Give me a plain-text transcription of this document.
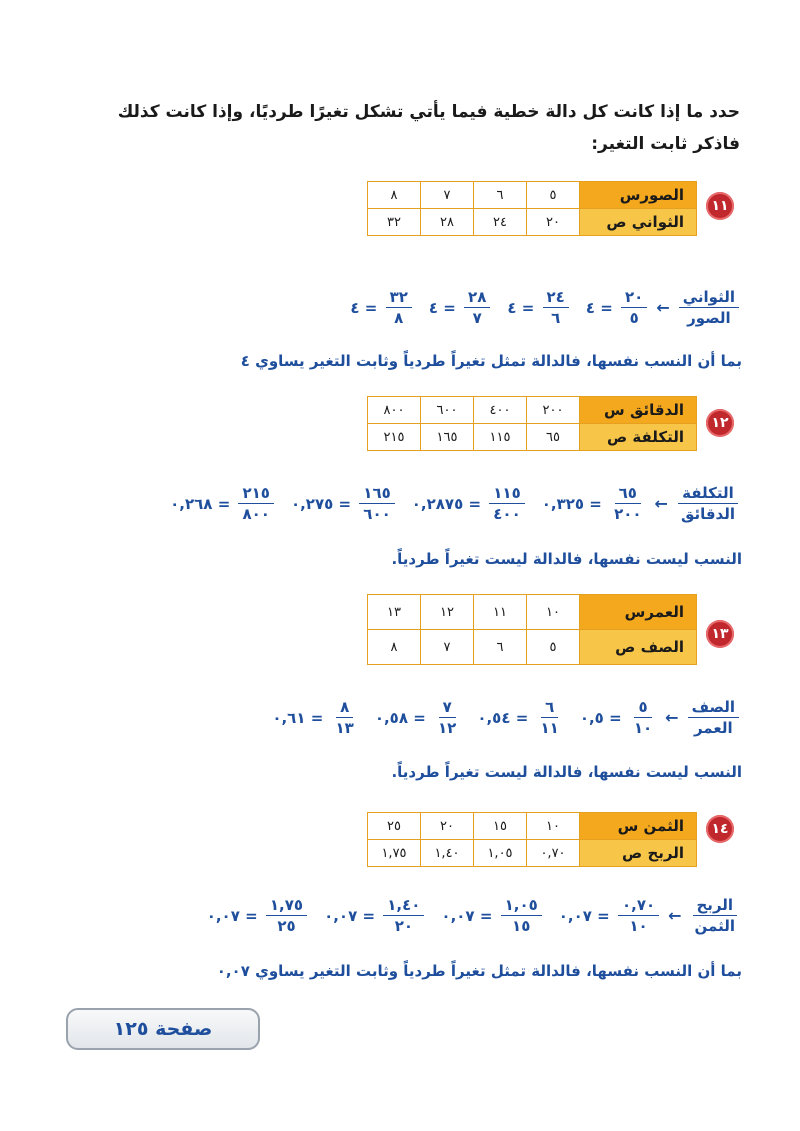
حدد ما إذا كانت كل دالة خطية فيما يأتي تشكل تغيرًا طرديًا، وإذا كانت كذلك فاذكر ثابت التغير:
١١
الصورس	٥	٦	٧	٨
الثواني ص	٢٠	٢٤	٢٨	٣٢
$\frac{\text{الثواني}}{\text{الصور}}$
←
$\frac{٢٠}{٥}$
=
٤
$\frac{٢٤}{٦}$
=
٤
$\frac{٢٨}{٧}$
=
٤
$\frac{٣٢}{٨}$
=
٤
بما أن النسب نفسها، فالدالة تمثل تغيراً طردياً وثابت التغير يساوي ٤
١٢
الدقائق س	٢٠٠	٤٠٠	٦٠٠	٨٠٠
التكلفة ص	٦٥	١١٥	١٦٥	٢١٥
$\frac{\text{التكلفة}}{\text{الدقائق}}$
←
$\frac{٦٥}{٢٠٠}$
=
٠,٣٢٥
$\frac{١١٥}{٤٠٠}$
=
٠,٢٨٧٥
$\frac{١٦٥}{٦٠٠}$
=
٠,٢٧٥
$\frac{٢١٥}{٨٠٠}$
=
٠,٢٦٨
النسب ليست نفسها، فالدالة ليست تغيراً طردياً.
١٣
العمرس	١٠	١١	١٢	١٣
الصف ص	٥	٦	٧	٨
$\frac{\text{الصف}}{\text{العمر}}$
←
$\frac{٥}{١٠}$
=
٠,٥
$\frac{٦}{١١}$
=
٠,٥٤
$\frac{٧}{١٢}$
=
٠,٥٨
$\frac{٨}{١٣}$
=
٠,٦١
النسب ليست نفسها، فالدالة ليست تغيراً طردياً.
١٤
الثمن س	١٠	١٥	٢٠	٢٥
الربح ص	٠,٧٠	١,٠٥	١,٤٠	١,٧٥
$\frac{\text{الربح}}{\text{الثمن}}$
←
$\frac{٠,٧٠}{١٠}$
=
٠,٠٧
$\frac{١,٠٥}{١٥}$
=
٠,٠٧
$\frac{١,٤٠}{٢٠}$
=
٠,٠٧
$\frac{١,٧٥}{٢٥}$
=
٠,٠٧
بما أن النسب نفسها، فالدالة تمثل تغيراً طردياً وثابت التغير يساوي ٠,٠٧
صفحة ١٢٥
